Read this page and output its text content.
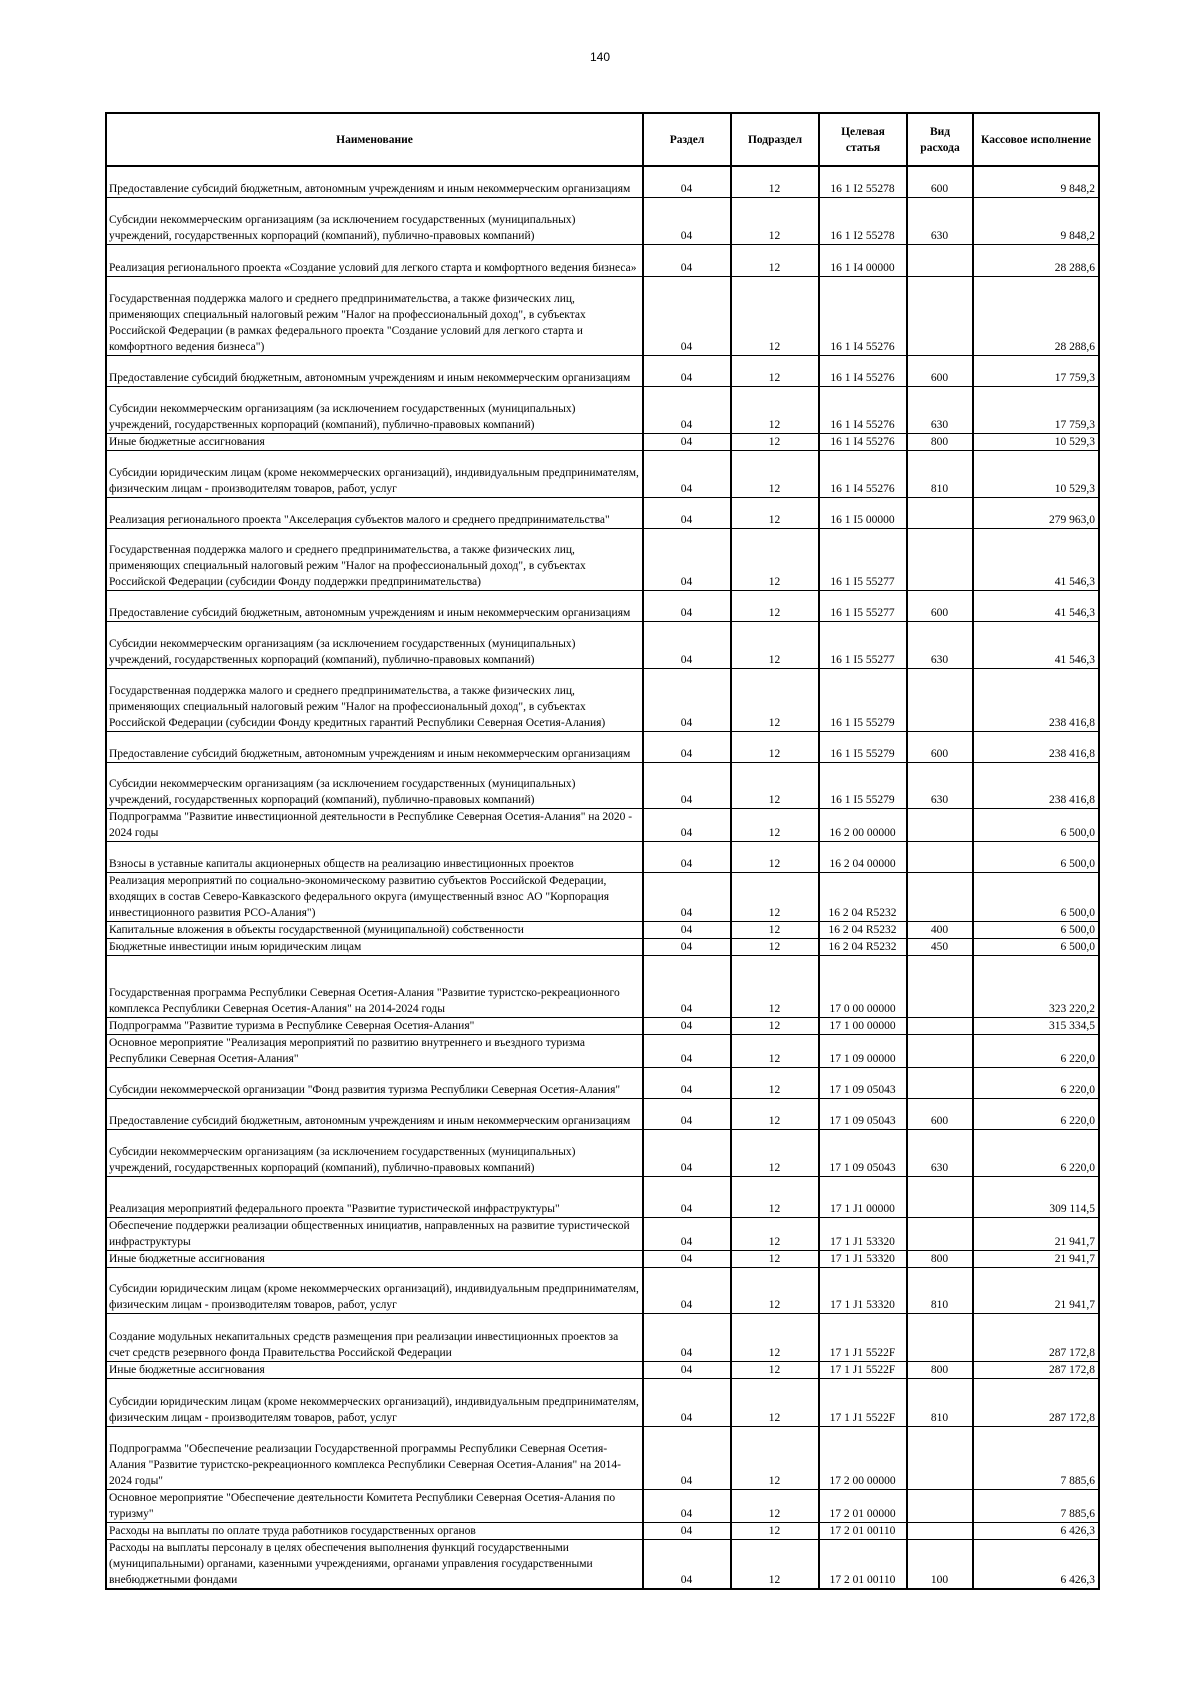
140
Наименование	Раздел	Подраздел	Целевая статья	Вид расхода	Кассовое исполнение
Предоставление субсидий бюджетным, автономным учреждениям и иным некоммерческим организациям	04	12	16 1 I2 55278	600	9 848,2
Субсидии некоммерческим организациям (за исключением государственных (муниципальных) учреждений, государственных корпораций (компаний), публично-правовых компаний)	04	12	16 1 I2 55278	630	9 848,2
Реализация регионального проекта «Создание условий для легкого старта и комфортного ведения бизнеса»	04	12	16 1 I4 00000		28 288,6
Государственная поддержка малого и среднего предпринимательства, а также физических лиц, применяющих специальный налоговый режим "Налог на профессиональный доход", в субъектах Российской Федерации (в рамках федерального проекта "Создание условий для легкого старта и комфортного ведения бизнеса")	04	12	16 1 I4 55276		28 288,6
Предоставление субсидий бюджетным, автономным учреждениям и иным некоммерческим организациям	04	12	16 1 I4 55276	600	17 759,3
Субсидии некоммерческим организациям (за исключением государственных (муниципальных) учреждений, государственных корпораций (компаний), публично-правовых компаний)	04	12	16 1 I4 55276	630	17 759,3
Иные бюджетные ассигнования	04	12	16 1 I4 55276	800	10 529,3
Субсидии юридическим лицам (кроме некоммерческих организаций), индивидуальным предпринимателям, физическим лицам - производителям товаров, работ, услуг	04	12	16 1 I4 55276	810	10 529,3
Реализация регионального проекта "Акселерация субъектов малого и среднего предпринимательства"	04	12	16 1 I5 00000		279 963,0
Государственная поддержка малого и среднего предпринимательства, а также физических лиц, применяющих специальный налоговый режим "Налог на профессиональный доход", в субъектах Российской Федерации (субсидии Фонду поддержки предпринимательства)	04	12	16 1 I5 55277		41 546,3
Предоставление субсидий бюджетным, автономным учреждениям и иным некоммерческим организациям	04	12	16 1 I5 55277	600	41 546,3
Субсидии некоммерческим организациям (за исключением государственных (муниципальных) учреждений, государственных корпораций (компаний), публично-правовых компаний)	04	12	16 1 I5 55277	630	41 546,3
Государственная поддержка малого и среднего предпринимательства, а также физических лиц, применяющих специальный налоговый режим "Налог на профессиональный доход", в субъектах Российской Федерации (субсидии Фонду кредитных гарантий Республики Северная Осетия-Алания)	04	12	16 1 I5 55279		238 416,8
Предоставление субсидий бюджетным, автономным учреждениям и иным некоммерческим организациям	04	12	16 1 I5 55279	600	238 416,8
Субсидии некоммерческим организациям (за исключением государственных (муниципальных) учреждений, государственных корпораций (компаний), публично-правовых компаний)	04	12	16 1 I5 55279	630	238 416,8
Подпрограмма "Развитие инвестиционной деятельности в Республике Северная Осетия-Алания" на 2020 - 2024 годы	04	12	16 2 00 00000		6 500,0
Взносы в уставные капиталы акционерных обществ на реализацию инвестиционных проектов	04	12	16 2 04 00000		6 500,0
Реализация мероприятий по социально-экономическому развитию субъектов Российской Федерации, входящих в состав Северо-Кавказского федерального округа (имущественный взнос АО "Корпорация инвестиционного развития РСО-Алания")	04	12	16 2 04 R5232		6 500,0
Капитальные вложения в объекты государственной (муниципальной) собственности	04	12	16 2 04 R5232	400	6 500,0
Бюджетные инвестиции иным юридическим лицам	04	12	16 2 04 R5232	450	6 500,0
Государственная программа Республики Северная Осетия-Алания "Развитие туристско-рекреационного комплекса Республики Северная Осетия-Алания" на 2014-2024 годы	04	12	17 0 00 00000		323 220,2
Подпрограмма "Развитие туризма в Республике Северная Осетия-Алания"	04	12	17 1 00 00000		315 334,5
Основное мероприятие "Реализация мероприятий по развитию внутреннего и въездного туризма Республики Северная Осетия-Алания"	04	12	17 1 09 00000		6 220,0
Субсидии некоммерческой организации "Фонд развития туризма Республики Северная Осетия-Алания"	04	12	17 1 09 05043		6 220,0
Предоставление субсидий бюджетным, автономным учреждениям и иным некоммерческим организациям	04	12	17 1 09 05043	600	6 220,0
Субсидии некоммерческим организациям (за исключением государственных (муниципальных) учреждений, государственных корпораций (компаний), публично-правовых компаний)	04	12	17 1 09 05043	630	6 220,0
Реализация мероприятий федерального проекта "Развитие туристической инфраструктуры"	04	12	17 1 J1 00000		309 114,5
Обеспечение поддержки реализации общественных инициатив, направленных на развитие туристической инфраструктуры	04	12	17 1 J1 53320		21 941,7
Иные бюджетные ассигнования	04	12	17 1 J1 53320	800	21 941,7
Субсидии юридическим лицам (кроме некоммерческих организаций), индивидуальным предпринимателям, физическим лицам - производителям товаров, работ, услуг	04	12	17 1 J1 53320	810	21 941,7
Создание модульных некапитальных средств размещения при реализации инвестиционных проектов за счет средств резервного фонда Правительства Российской Федерации	04	12	17 1 J1 5522F		287 172,8
Иные бюджетные ассигнования	04	12	17 1 J1 5522F	800	287 172,8
Субсидии юридическим лицам (кроме некоммерческих организаций), индивидуальным предпринимателям, физическим лицам - производителям товаров, работ, услуг	04	12	17 1 J1 5522F	810	287 172,8
Подпрограмма "Обеспечение реализации Государственной программы Республики Северная Осетия-Алания "Развитие туристско-рекреационного комплекса Республики Северная Осетия-Алания" на 2014-2024 годы"	04	12	17 2 00 00000		7 885,6
Основное мероприятие "Обеспечение деятельности Комитета Республики Северная Осетия-Алания по туризму"	04	12	17 2 01 00000		7 885,6
Расходы на выплаты по оплате труда работников государственных органов	04	12	17 2 01 00110		6 426,3
Расходы на выплаты персоналу в целях обеспечения выполнения функций государственными (муниципальными) органами, казенными учреждениями, органами управления государственными внебюджетными фондами	04	12	17 2 01 00110	100	6 426,3
